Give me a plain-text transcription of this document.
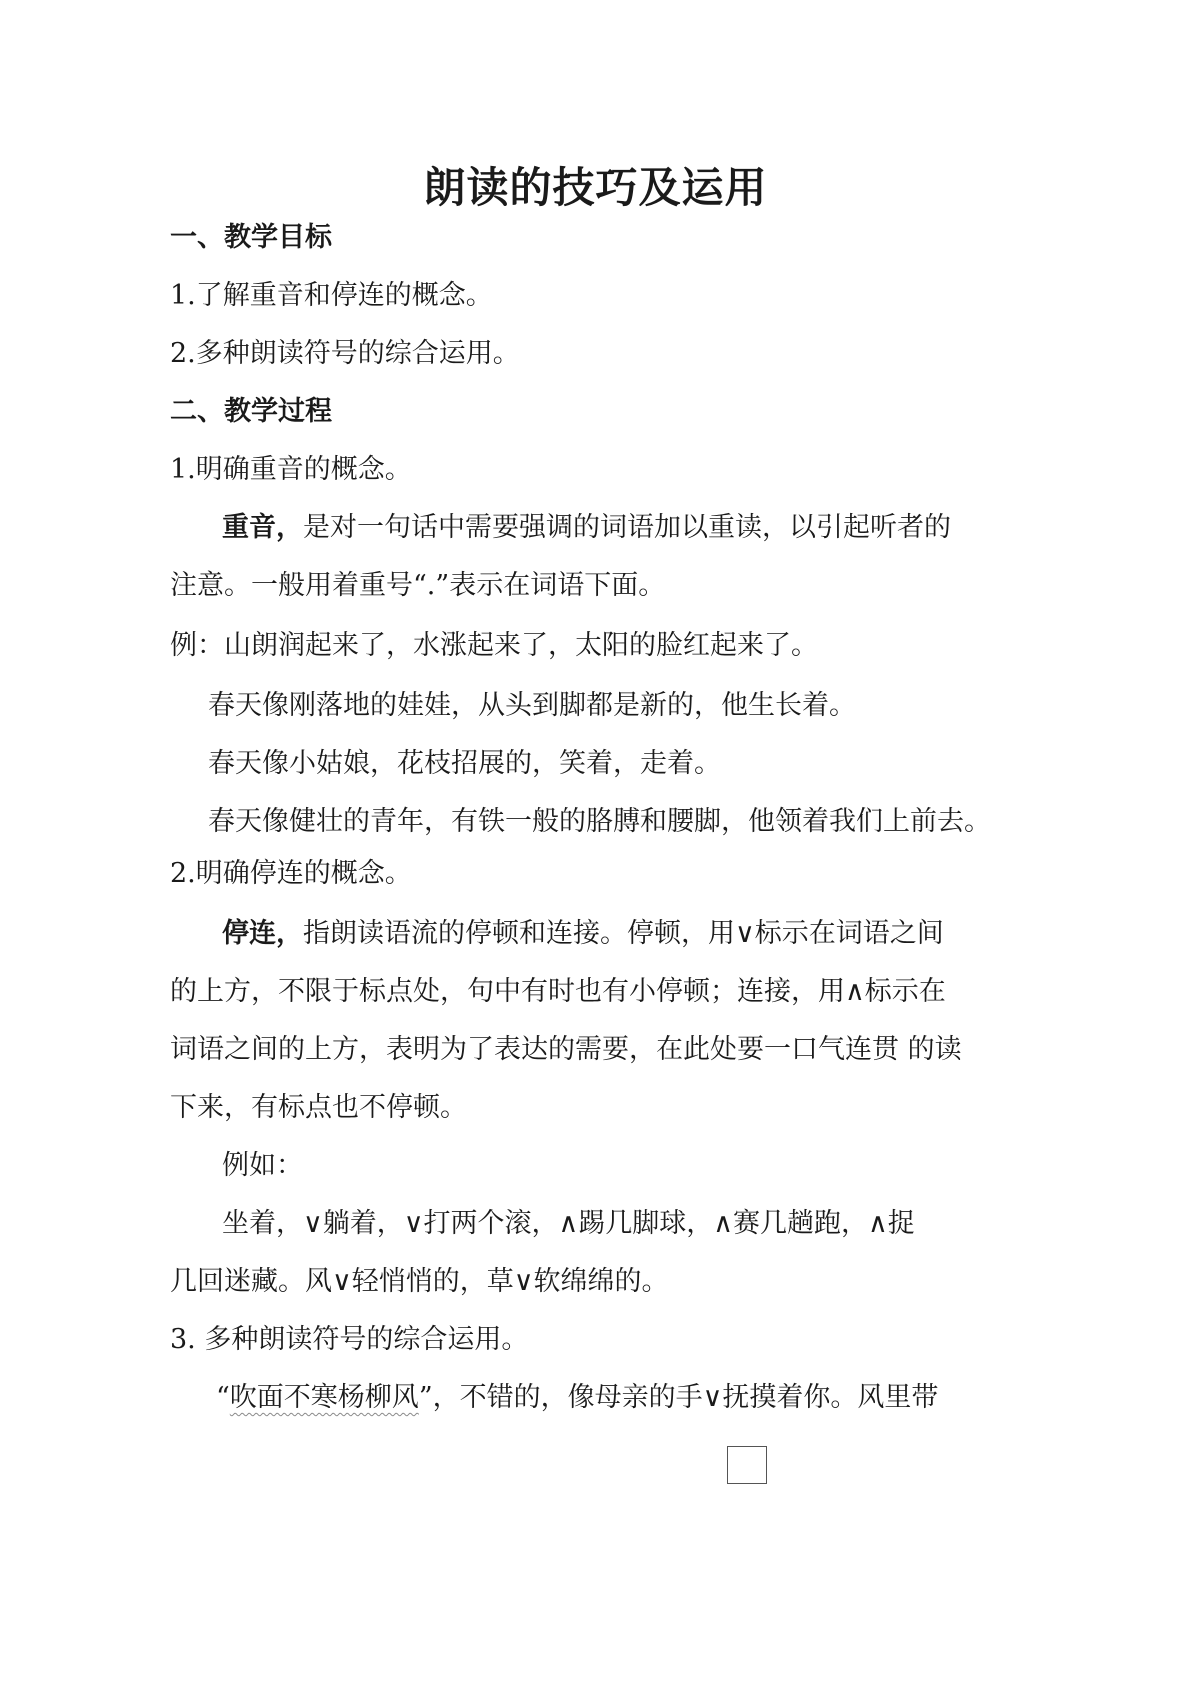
朗读的技巧及运用

一、教学目标

1.了解重音和停连的概念。

2.多种朗读符号的综合运用。

二、教学过程

1.明确重音的概念。

重音，是对一句话中需要强调的词语加以重读，以引起听者的

注意。一般用着重号“.”表示在词语下面。

例：山朗润起来了，水涨起来了，太阳的脸红起来了。

春天像刚落地的娃娃，从头到脚都是新的，他生长着。

春天像小姑娘，花枝招展的，笑着，走着。

春天像健壮的青年，有铁一般的胳膊和腰脚，他领着我们上前去。

2.明确停连的概念。

停连，指朗读语流的停顿和连接。停顿，用∨标示在词语之间

的上方，不限于标点处，句中有时也有小停顿；连接，用∧标示在

词语之间的上方，表明为了表达的需要，在此处要一口气连贯 的读

下来，有标点也不停顿。

例如：

坐着，∨躺着，∨打两个滚，∧踢几脚球，∧赛几趟跑，∧捉

几回迷藏。风∨轻悄悄的，草∨软绵绵的。

3. 多种朗读符号的综合运用。

“吹面不寒杨柳风”，不错的，像母亲的手∨抚摸着你。风里带
